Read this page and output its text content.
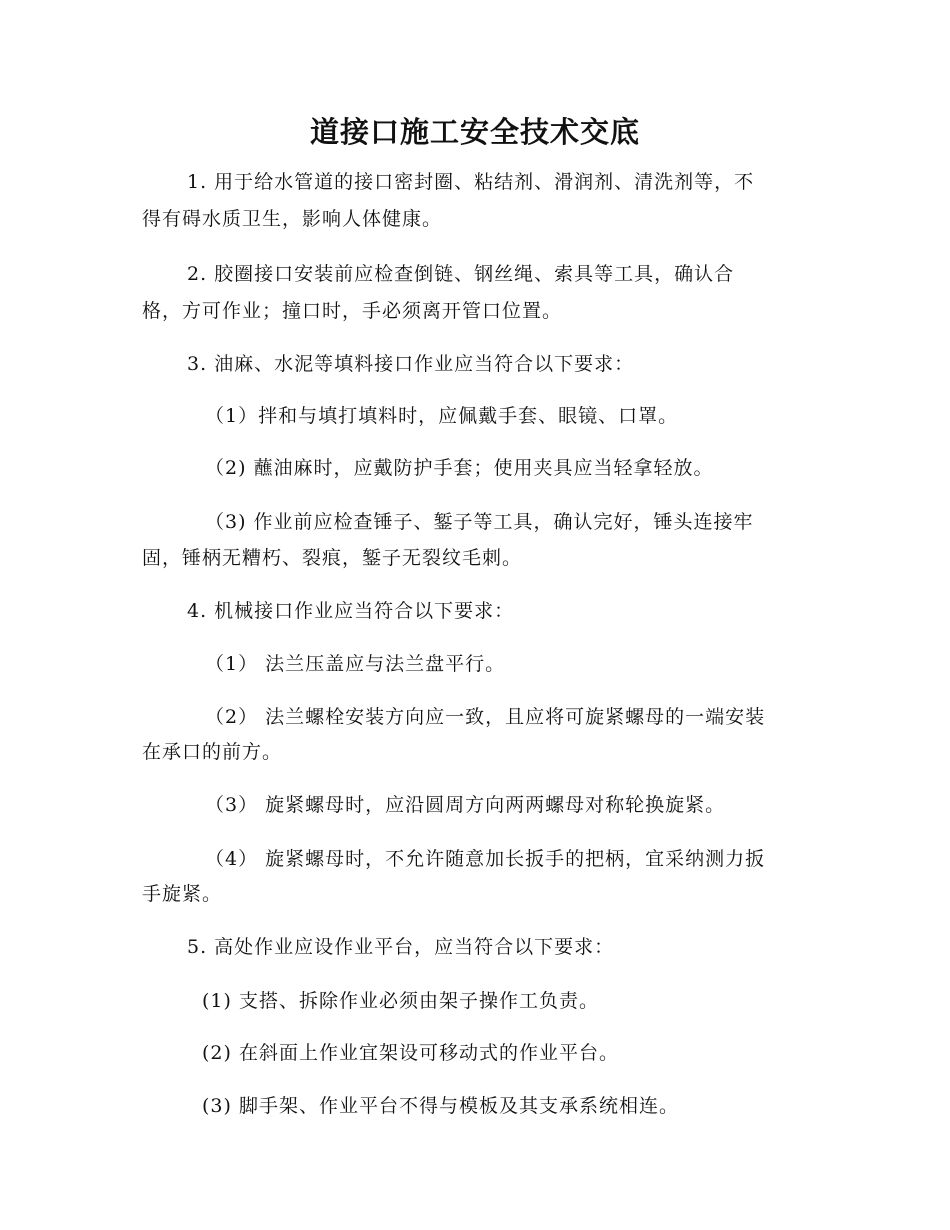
道接口施工安全技术交底
1. 用于给水管道的接口密封圈、粘结剂、滑润剂、清洗剂等，不
得有碍水质卫生，影响人体健康。
2. 胶圈接口安装前应检查倒链、钢丝绳、索具等工具，确认合
格，方可作业；撞口时，手必须离开管口位置。
3. 油麻、水泥等填料接口作业应当符合以下要求：
（1）拌和与填打填料时，应佩戴手套、眼镜、口罩。
（2) 蘸油麻时，应戴防护手套；使用夹具应当轻拿轻放。
（3) 作业前应检查锤子、錾子等工具，确认完好，锤头连接牢
固，锤柄无糟朽、裂痕，錾子无裂纹毛刺。
4. 机械接口作业应当符合以下要求：
（1） 法兰压盖应与法兰盘平行。
（2） 法兰螺栓安装方向应一致，且应将可旋紧螺母的一端安装
在承口的前方。
（3） 旋紧螺母时，应沿圆周方向两两螺母对称轮换旋紧。
（4） 旋紧螺母时，不允许随意加长扳手的把柄，宜采纳测力扳
手旋紧。
5. 高处作业应设作业平台，应当符合以下要求：
(1) 支搭、拆除作业必须由架子操作工负责。
(2) 在斜面上作业宜架设可移动式的作业平台。
(3) 脚手架、作业平台不得与模板及其支承系统相连。
